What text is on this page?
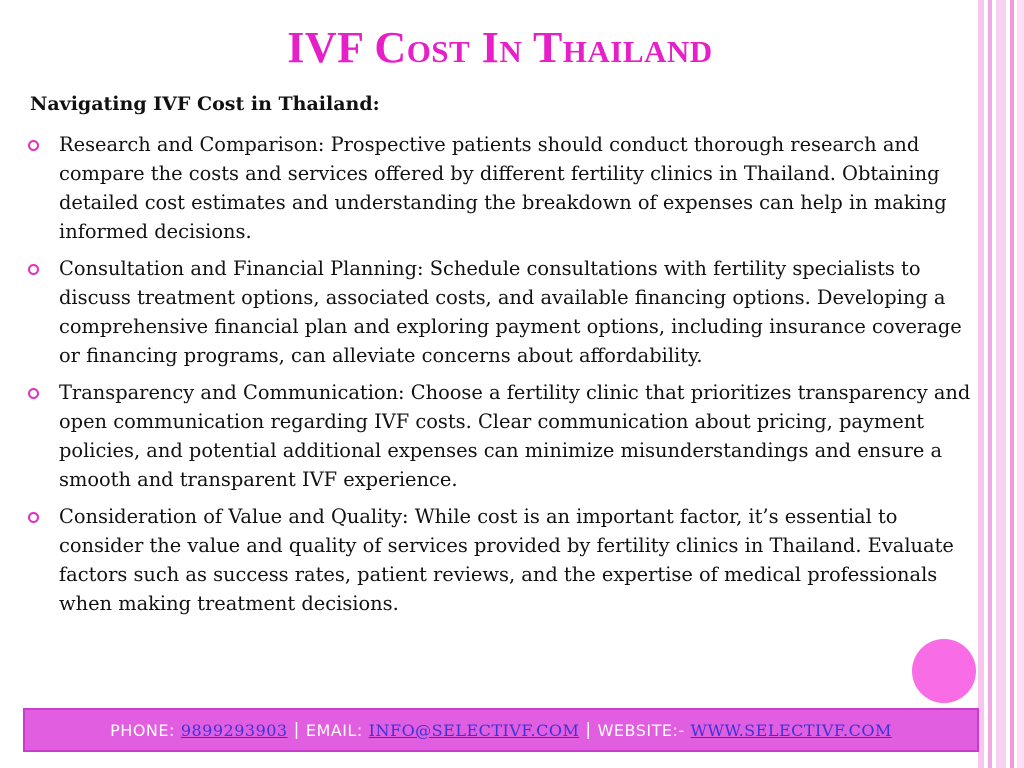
IVF Cost In Thailand

Navigating IVF Cost in Thailand:

Research and Comparison: Prospective patients should conduct thorough research and compare the costs and services offered by different fertility clinics in Thailand. Obtaining detailed cost estimates and understanding the breakdown of expenses can help in making informed decisions.
Consultation and Financial Planning: Schedule consultations with fertility specialists to discuss treatment options, associated costs, and available financing options. Developing a comprehensive financial plan and exploring payment options, including insurance coverage or financing programs, can alleviate concerns about affordability.
Transparency and Communication: Choose a fertility clinic that prioritizes transparency and open communication regarding IVF costs. Clear communication about pricing, payment policies, and potential additional expenses can minimize misunderstandings and ensure a smooth and transparent IVF experience.
Consideration of Value and Quality: While cost is an important factor, it’s essential to consider the value and quality of services provided by fertility clinics in Thailand. Evaluate factors such as success rates, patient reviews, and the expertise of medical professionals when making treatment decisions.
PHONE:
9899293903 | EMAIL:
INFO@SELECTIVF.COM | WEBSITE:-
WWW.SELECTIVF.COM
